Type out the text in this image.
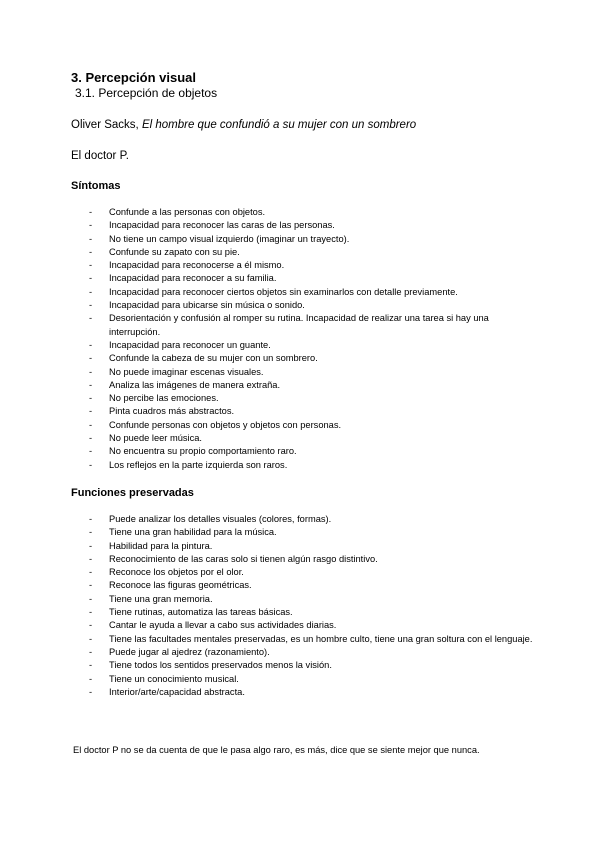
3. Percepción visual
3.1. Percepción de objetos
Oliver Sacks, El hombre que confundió a su mujer con un sombrero
El doctor P.
Síntomas
- Confunde a las personas con objetos.
- Incapacidad para reconocer las caras de las personas.
- No tiene un campo visual izquierdo (imaginar un trayecto).
- Confunde su zapato con su pie.
- Incapacidad para reconocerse a él mismo.
- Incapacidad para reconocer a su familia.
- Incapacidad para reconocer ciertos objetos sin examinarlos con detalle previamente.
- Incapacidad para ubicarse sin música o sonido.
- Desorientación y confusión al romper su rutina. Incapacidad de realizar una tarea si hay una interrupción.
- Incapacidad para reconocer un guante.
- Confunde la cabeza de su mujer con un sombrero.
- No puede imaginar escenas visuales.
- Analiza las imágenes de manera extraña.
- No percibe las emociones.
- Pinta cuadros más abstractos.
- Confunde personas con objetos y objetos con personas.
- No puede leer música.
- No encuentra su propio comportamiento raro.
- Los reflejos en la parte izquierda son raros.
Funciones preservadas
- Puede analizar los detalles visuales (colores, formas).
- Tiene una gran habilidad para la música.
- Habilidad para la pintura.
- Reconocimiento de las caras solo si tienen algún rasgo distintivo.
- Reconoce los objetos por el olor.
- Reconoce las figuras geométricas.
- Tiene una gran memoria.
- Tiene rutinas, automatiza las tareas básicas.
- Cantar le ayuda a llevar a cabo sus actividades diarias.
- Tiene las facultades mentales preservadas, es un hombre culto, tiene una gran soltura con el lenguaje.
- Puede jugar al ajedrez (razonamiento).
- Tiene todos los sentidos preservados menos la visión.
- Tiene un conocimiento musical.
- Interior/arte/capacidad abstracta.
El doctor P no se da cuenta de que le pasa algo raro, es más, dice que se siente mejor que nunca.
